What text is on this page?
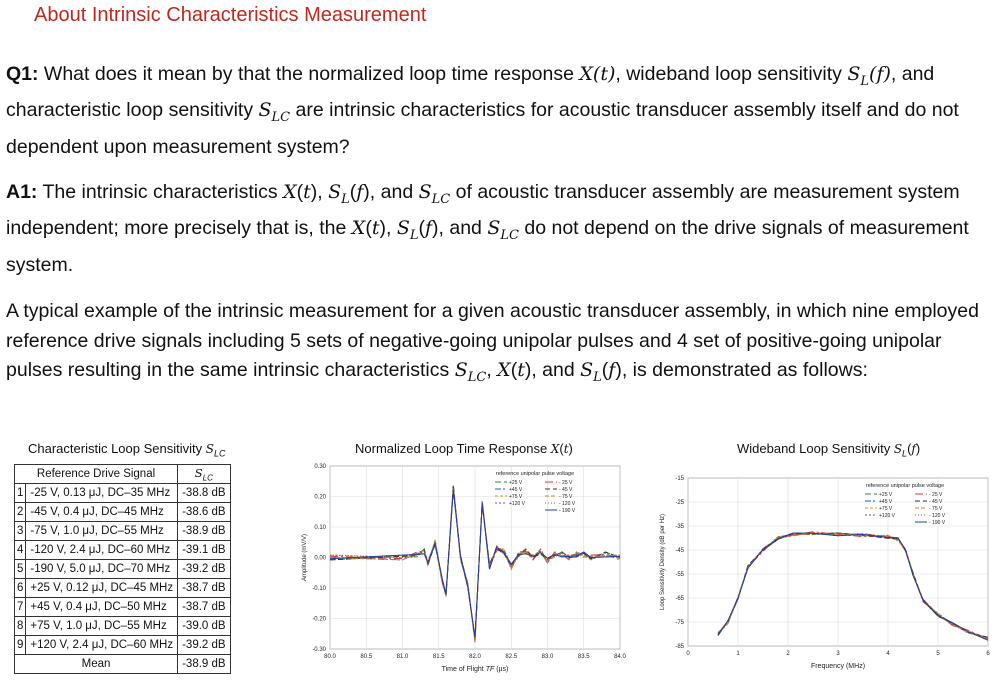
About Intrinsic Characteristics Measurement

Q1: What does it mean by that the normalized loop time response X(t), wideband loop sensitivity $S_L(f)$, and characteristic loop sensitivity $S_{LC}$ are intrinsic characteristics for acoustic transducer assembly itself and do not dependent upon measurement system?

A1: The intrinsic characteristics X(t), $S_L(f)$, and $S_{LC}$ of acoustic transducer assembly are measurement system independent; more precisely that is, the X(t), $S_L(f)$, and $S_{LC}$ do not depend on the drive signals of measurement system.

A typical example of the intrinsic measurement for a given acoustic transducer assembly, in which nine employed reference drive signals including 5 sets of negative-going unipolar pulses and 4 set of positive-going unipolar pulses resulting in the same intrinsic characteristics $S_{LC}$, X(t), and $S_L(f)$, is demonstrated as follows:

Characteristic Loop Sensitivity $S_{LC}$
Reference Drive Signal		$S_{LC}$
1	-25 V, 0.13 μJ, DC–35 MHz	-38.8 dB
2	-45 V, 0.4 μJ, DC–45 MHz	-38.6 dB
3	-75 V, 1.0 μJ, DC–55 MHz	-38.9 dB
4	-120 V, 2.4 μJ, DC–60 MHz	-39.1 dB
5	-190 V, 5.0 μJ, DC–70 MHz	-39.2 dB
6	+25 V, 0.12 μJ, DC–45 MHz	-38.7 dB
7	+45 V, 0.4 μJ, DC–50 MHz	-38.7 dB
8	+75 V, 1.0 μJ, DC–55 MHz	-39.0 dB
9	+120 V, 2.4 μJ, DC–60 MHz	-39.2 dB
Mean		-38.9 dB
Normalized Loop Time Response X(t)
80.0	80.5	81.0	81.5	82.0	82.5	83.0	83.5	84.0
0.30
0.20
0.10
0.00
-0.10
-0.20
-0.30
Time of Flight TF (µs)
Amplitude (mV/V)
reference unipolar pulse voltage
+25 V
+45 V
+75 V
+120 V
- 25 V
- 45 V
- 75 V
- 120 V
- 190 V
Wideband Loop Sensitivity $S_L(f)$
0	1	2	3	4	5	6
-15
-25
-35
-45
-55
-65
-75
-85
Frequency (MHz)
Loop Sensitivity Density (dB per Hz)
reference unipolar pulse voltage
+25 V
+45 V
+75 V
+120 V
- 25 V
- 45 V
- 75 V
- 120 V
- 190 V
